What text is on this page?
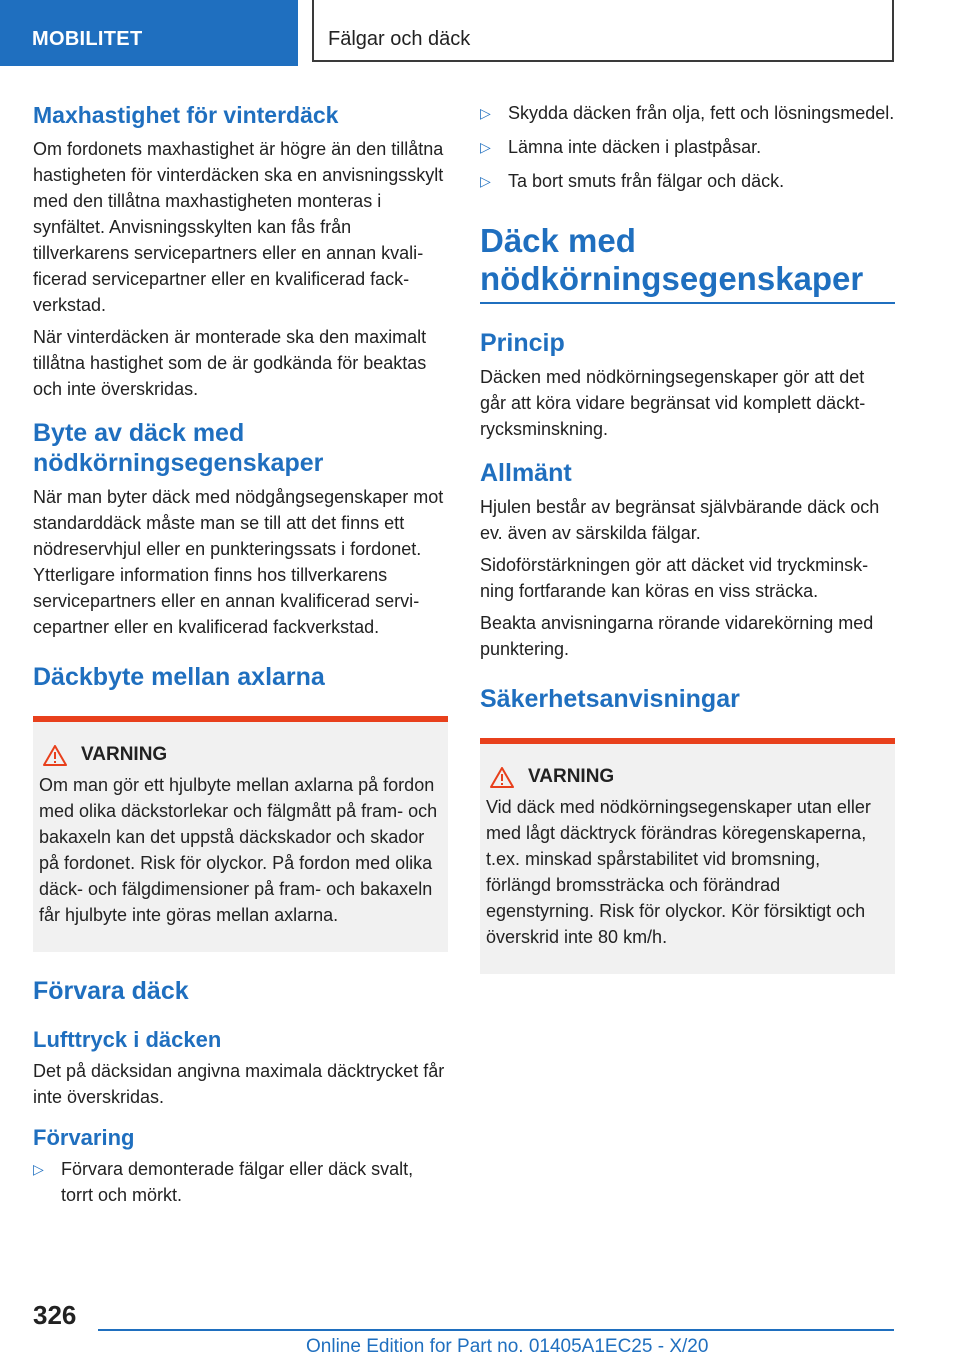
MOBILITET	Fälgar och däck
Maxhastighet för vinterdäck

Om fordonets maxhastighet är högre än den tillåtna hastigheten för vinterdäcken ska en anvisningsskylt med den tillåtna maxhastigheten monteras i synfältet. Anvisningsskylten kan fås från tillverkarens servicepartners eller en annan kvalificerad servicepartner eller en kvalificerad fackverkstad.

När vinterdäcken är monterade ska den maximalt tillåtna hastighet som de är godkända för beaktas och inte överskridas.

Byte av däck med nödkörningsegenskaper

När man byter däck med nödgångsegenskaper mot standarddäck måste man se till att det finns ett nödreservhjul eller en punkteringssats i fordonet. Ytterligare information finns hos tillverkarens servicepartners eller en annan kvalificerad servicepartner eller en kvalificerad fackverkstad.

Däckbyte mellan axlarna
VARNING

Om man gör ett hjulbyte mellan axlarna på fordon med olika däckstorlekar och fälgmått på fram- och bakaxeln kan det uppstå däckskador och skador på fordonet. Risk för olyckor. På fordon med olika däck- och fälgdimensioner på fram- och bakaxeln får hjulbyte inte göras mellan axlarna.

Förvara däck
Lufttryck i däcken

Det på däcksidan angivna maximala däcktrycket får inte överskridas.

Förvaring
▷ Förvara demonterade fälgar eller däck svalt, torrt och mörkt.
▷ Skydda däcken från olja, fett och lösningsmedel.
▷ Lämna inte däcken i plastpåsar.
▷ Ta bort smuts från fälgar och däck.
Däck med nödkörningsegenskaper
Princip

Däcken med nödkörningsegenskaper gör att det går att köra vidare begränsat vid komplett däcktrycksminskning.

Allmänt

Hjulen består av begränsat självbärande däck och ev. även av särskilda fälgar.

Sidoförstärkningen gör att däcket vid tryckminskning fortfarande kan köras en viss sträcka.

Beakta anvisningarna rörande vidarekörning med punktering.

Säkerhetsanvisningar
VARNING

Vid däck med nödkörningsegenskaper utan eller med lågt däcktryck förändras köregenskaperna, t.ex. minskad spårstabilitet vid bromsning, förlängd bromssträcka och förändrad egenstyrning. Risk för olyckor. Kör försiktigt och överskrid inte 80 km/h.

326
Online Edition for Part no. 01405A1EC25 - X/20
